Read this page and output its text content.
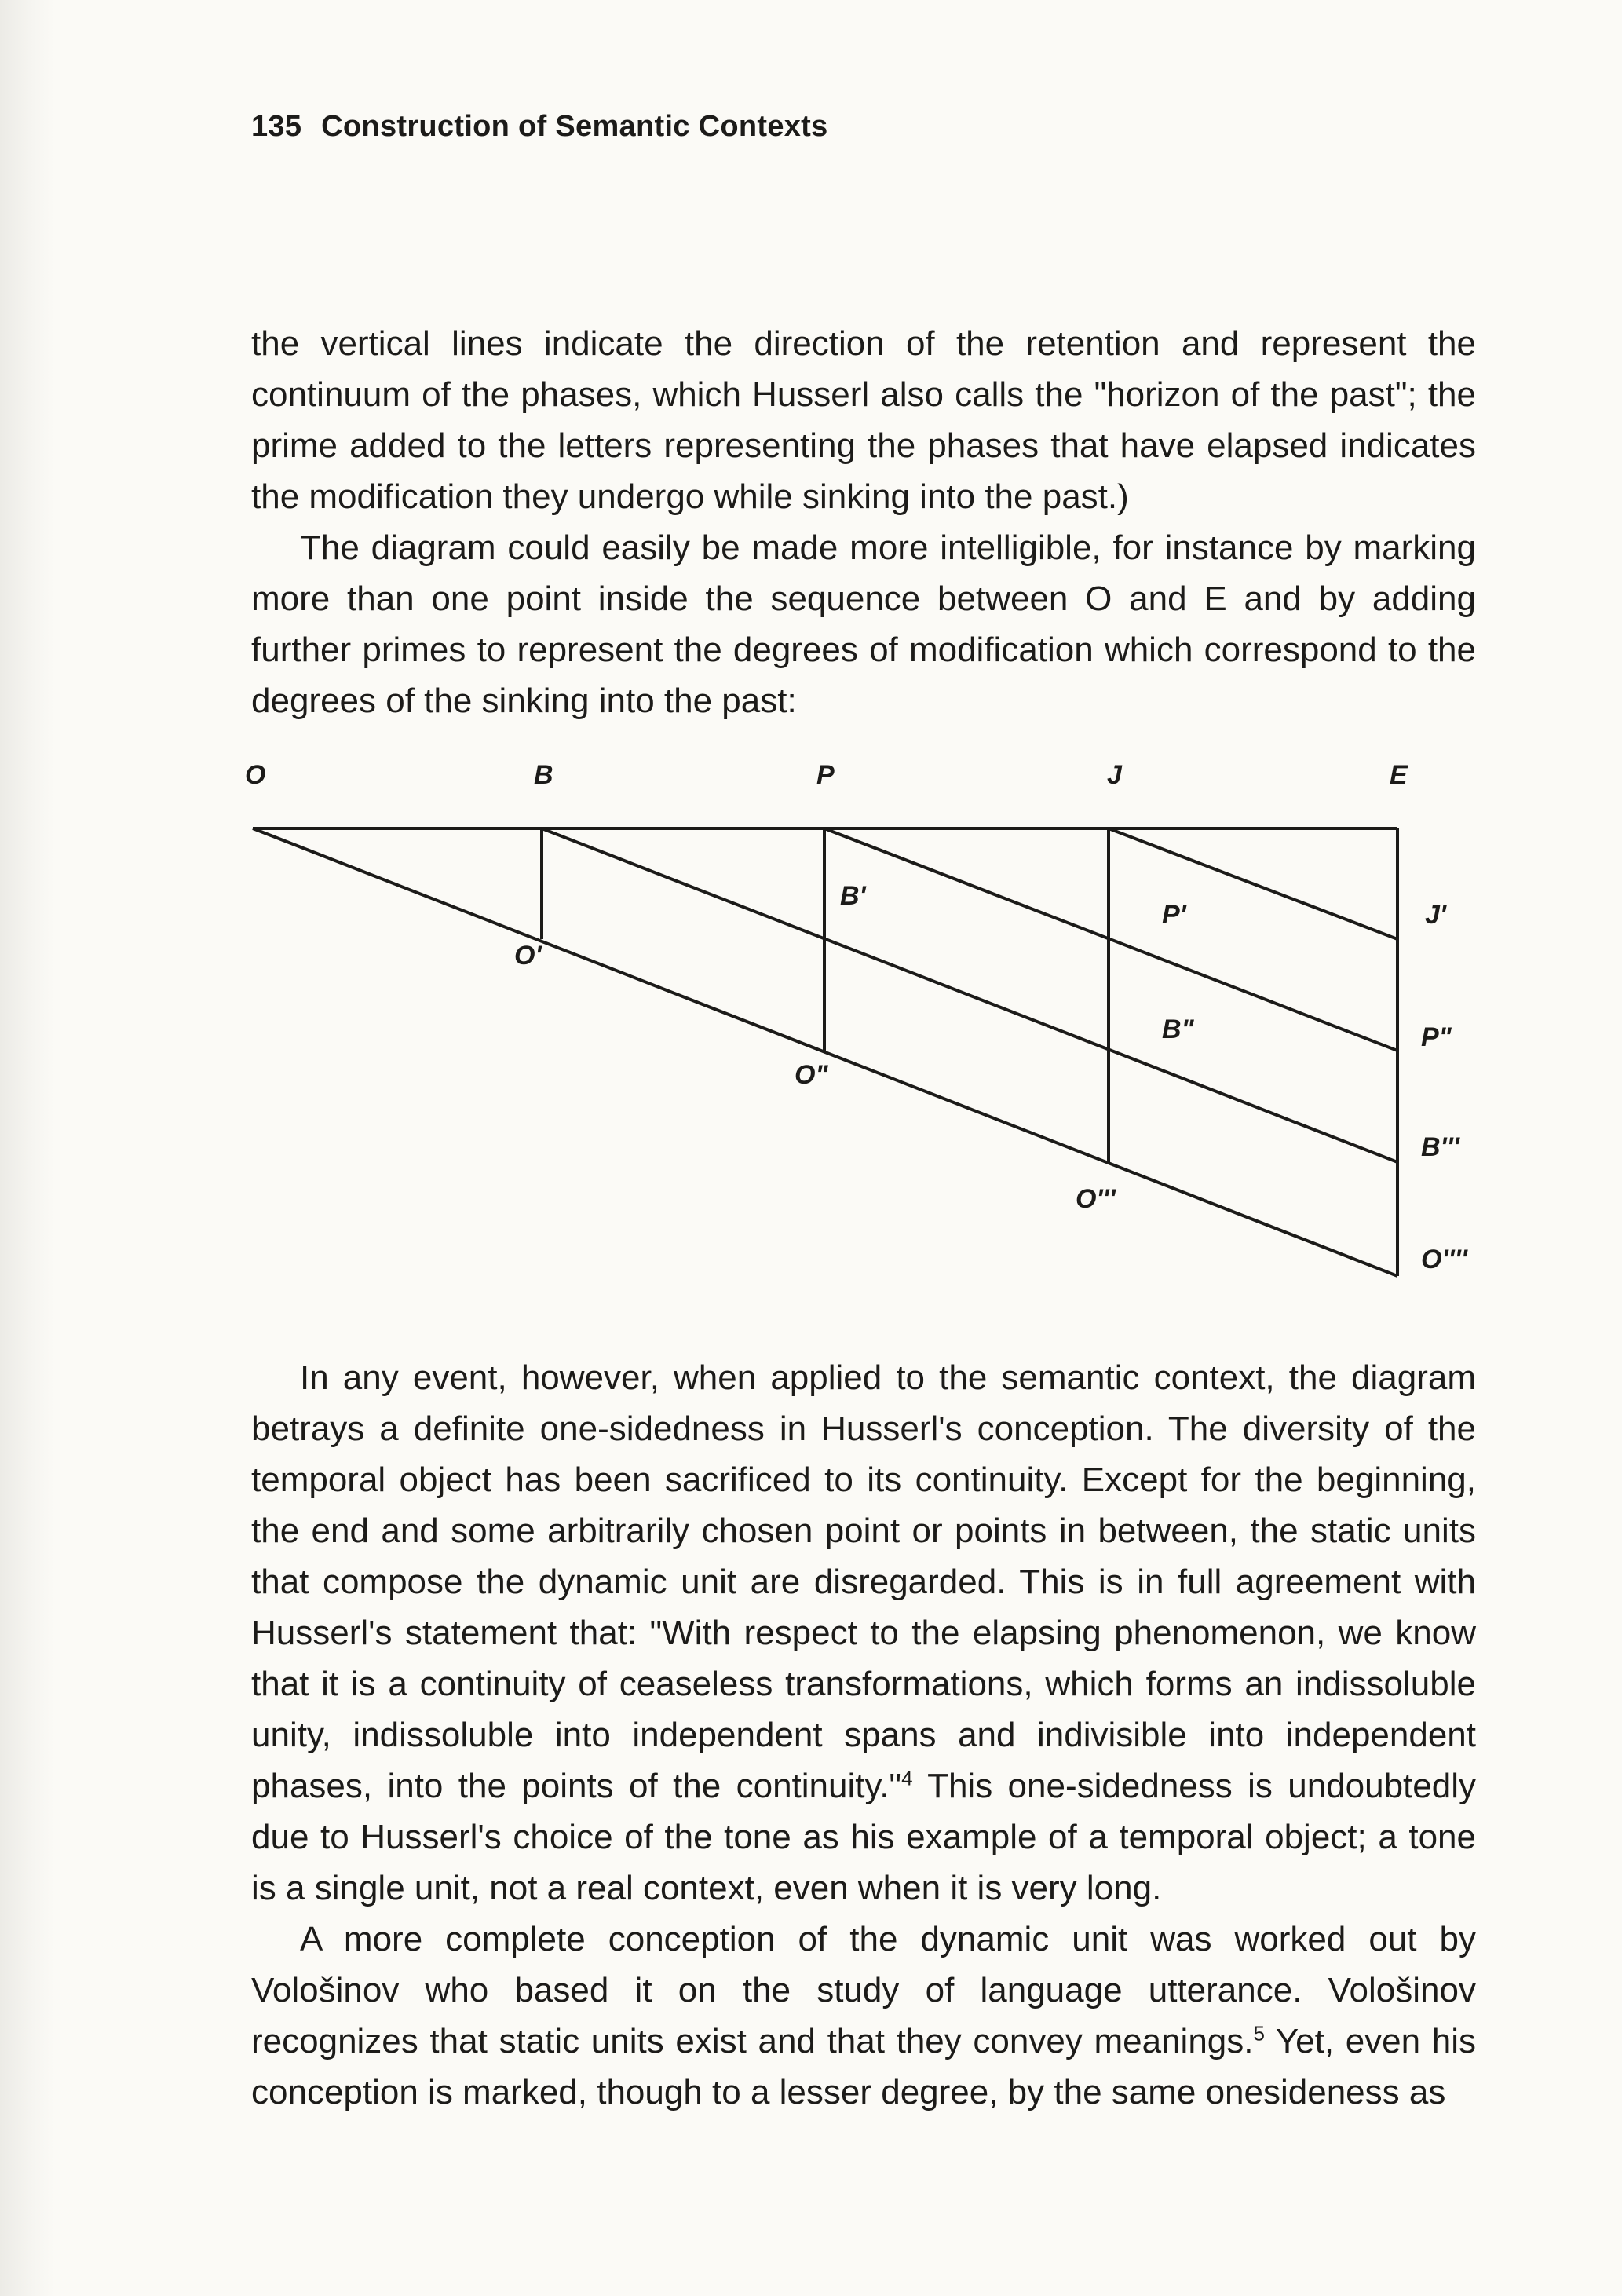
135 Construction of Semantic Contexts

the vertical lines indicate the direction of the retention and represent the continuum of the phases, which Husserl also calls the "horizon of the past"; the prime added to the letters representing the phases that have elapsed indicates the modification they undergo while sinking into the past.)

The diagram could easily be made more intelligible, for instance by marking more than one point inside the sequence between O and E and by adding further primes to represent the degrees of modification which correspond to the degrees of the sinking into the past:

O	B	P	J	E
O'
B'
P'	J'
O"
B"	P"
O'''
B'''
O''''

In any event, however, when applied to the semantic context, the diagram betrays a definite one-sidedness in Husserl's conception. The diversity of the temporal object has been sacrificed to its continuity. Except for the beginning, the end and some arbitrarily chosen point or points in between, the static units that compose the dynamic unit are disregarded. This is in full agreement with Husserl's statement that: "With respect to the elapsing phenomenon, we know that it is a continuity of ceaseless transformations, which forms an indissoluble unity, indissoluble into independent spans and indivisible into independent phases, into the points of the continuity."$^4$ This one-sidedness is undoubtedly due to Husserl's choice of the tone as his example of a temporal object; a tone is a single unit, not a real context, even when it is very long.

A more complete conception of the dynamic unit was worked out by Vološinov who based it on the study of language utterance. Vološinov recognizes that static units exist and that they convey meanings.$^5$ Yet, even his conception is marked, though to a lesser degree, by the same onesideness as
